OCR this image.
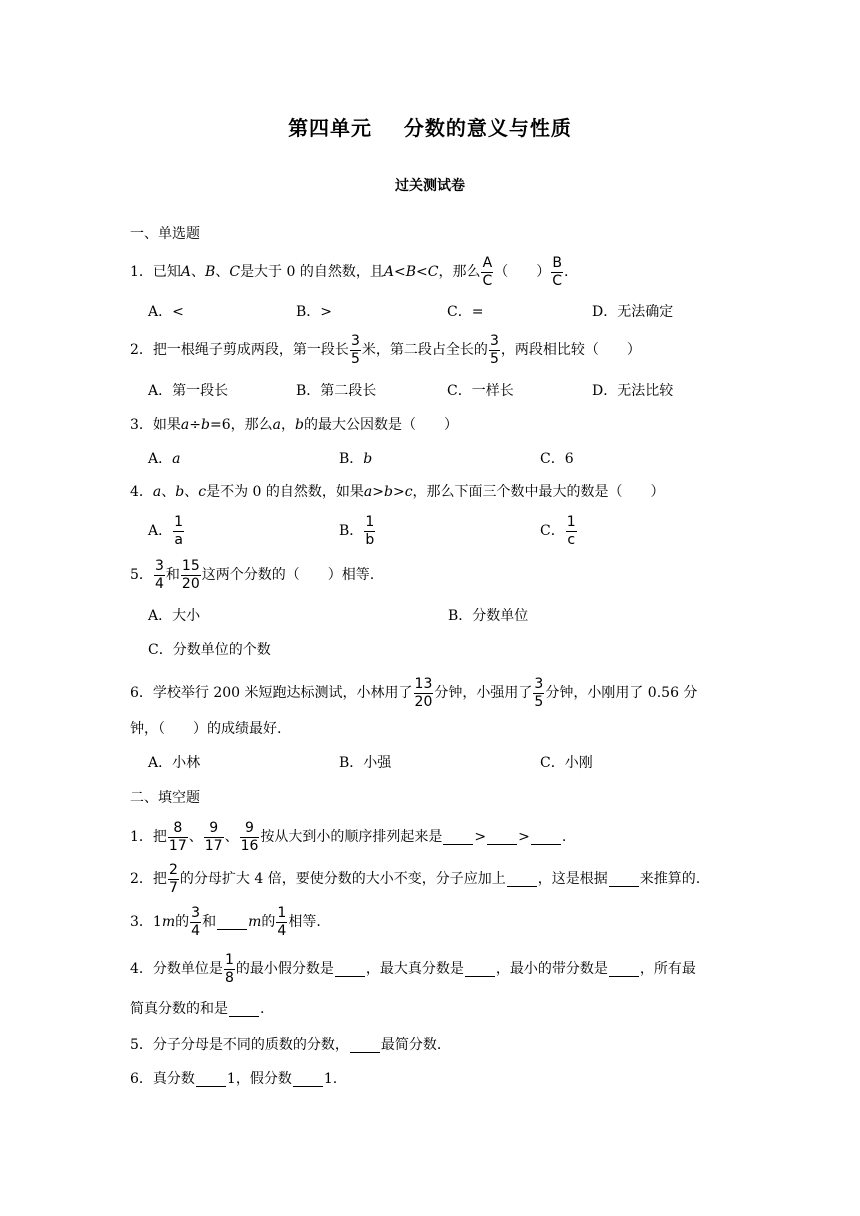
第四单元    分数的意义与性质
过关测试卷
一、单选题
1．已知 A 、 B 、 C 是大于 0 的自然数，且 A < B < C ，那么 $\frac{A}{C}$ （　　） $\frac{B}{C}$ .
A．<	B．>	C．=	D．无法确定
2．把一根绳子剪成两段，第一段长 $\frac{3}{5}$ 米，第二段占全长的 $\frac{3}{5}$ ，两段相比较（　　）
A．第一段长	B．第二段长	C．一样长	D．无法比较
3．如果 a ÷ b =6，那么 a ， b 的最大公因数是（　　）
A． a	B． b	C．6
4． a 、 b 、 c 是不为 0 的自然数，如果 a > b > c ，那么下面三个数中最大的数是（　　）
A． $\frac{1}{a}$	B． $\frac{1}{b}$	C． $\frac{1}{c}$
5． $\frac{3}{4}$ 和 $\frac{15}{20}$ 这两个分数的（　　）相等.
A．大小	B．分数单位
C．分数单位的个数
6．学校举行 200 米短跑达标测试，小林用了 $\frac{13}{20}$ 分钟，小强用了 $\frac{3}{5}$ 分钟，小刚用了 0.56 分
钟，（　　）的成绩最好.
A．小林	B．小强	C．小刚
二、填空题
1．把 $\frac{8}{17}$ 、 $\frac{9}{17}$ 、 $\frac{9}{16}$ 按从大到小的顺序排列起来是 > > .
2．把 $\frac{2}{7}$ 的分母扩大 4 倍，要使分数的大小不变，分子应加上 ，这是根据 来推算的.
3．1 m 的 $\frac{3}{4}$ 和 m 的 $\frac{1}{4}$ 相等.
4．分数单位是 $\frac{1}{8}$ 的最小假分数是 ，最大真分数是 ，最小的带分数是 ，所有最
简真分数的和是 .
5．分子分母是不同的质数的分数， 最简分数.
6．真分数 1，假分数 1.
